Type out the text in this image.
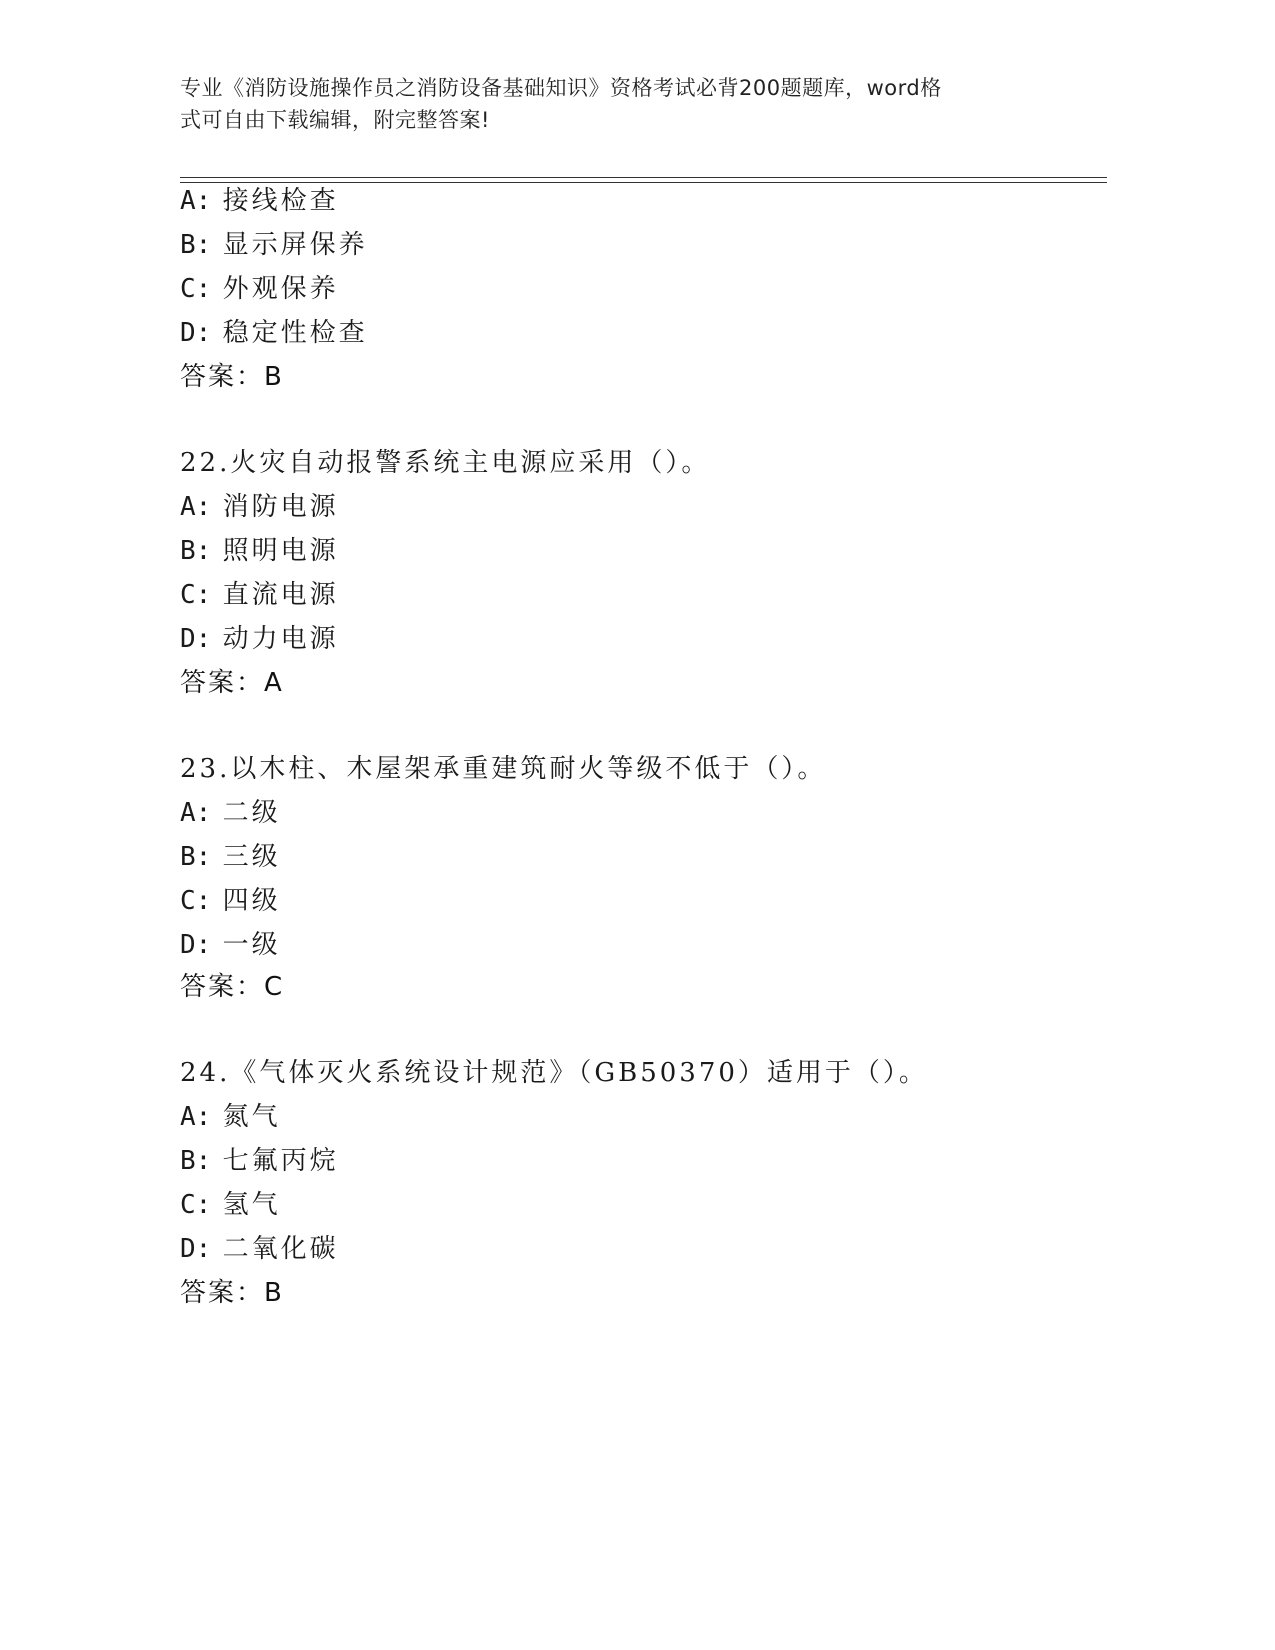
专业《消防设施操作员之消防设备基础知识》资格考试必背200题题库，word格
式可自由下载编辑，附完整答案!
A: 接线检查
B: 显示屏保养
C: 外观保养
D: 稳定性检查
答案：B
22.火灾自动报警系统主电源应采用（）。
A: 消防电源
B: 照明电源
C: 直流电源
D: 动力电源
答案：A
23.以木柱、木屋架承重建筑耐火等级不低于（）。
A: 二级
B: 三级
C: 四级
D: 一级
答案：C
24.《气体灭火系统设计规范》（GB50370）适用于（）。
A: 氮气
B: 七氟丙烷
C: 氢气
D: 二氧化碳
答案：B
